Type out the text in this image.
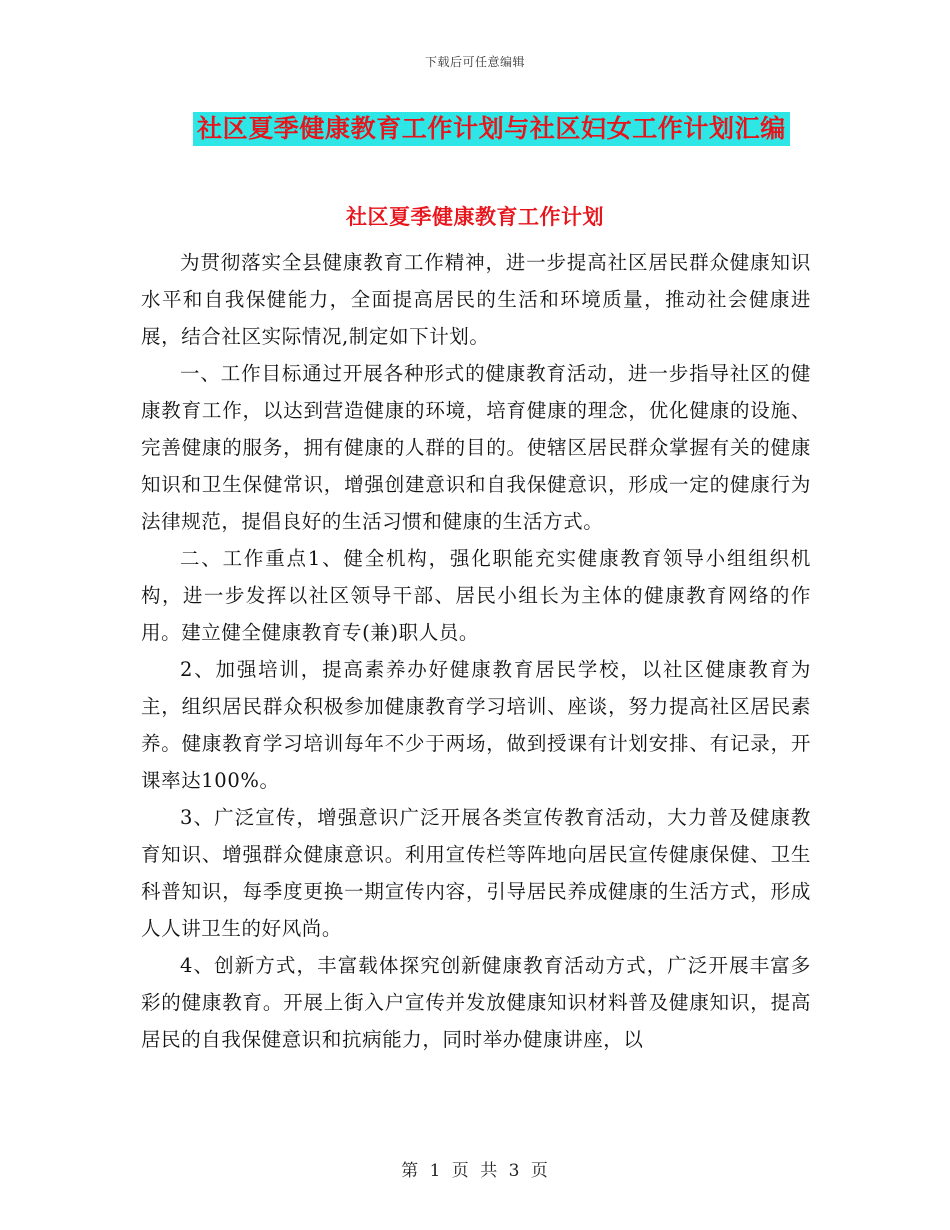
下载后可任意编辑
社区夏季健康教育工作计划与社区妇女工作计划汇编
社区夏季健康教育工作计划

为贯彻落实全县健康教育工作精神，进一步提高社区居民群众健康知识水平和自我保健能力，全面提高居民的生活和环境质量，推动社会健康进展，结合社区实际情况,制定如下计划。

一、工作目标通过开展各种形式的健康教育活动，进一步指导社区的健康教育工作，以达到营造健康的环境，培育健康的理念，优化健康的设施、完善健康的服务，拥有健康的人群的目的。使辖区居民群众掌握有关的健康知识和卫生保健常识，增强创建意识和自我保健意识，形成一定的健康行为法律规范，提倡良好的生活习惯和健康的生活方式。

二、工作重点1、健全机构，强化职能充实健康教育领导小组组织机构，进一步发挥以社区领导干部、居民小组长为主体的健康教育网络的作用。建立健全健康教育专(兼)职人员。

2、加强培训，提高素养办好健康教育居民学校，以社区健康教育为主，组织居民群众积极参加健康教育学习培训、座谈，努力提高社区居民素养。健康教育学习培训每年不少于两场，做到授课有计划安排、有记录，开课率达100%。

3、广泛宣传，增强意识广泛开展各类宣传教育活动，大力普及健康教育知识、增强群众健康意识。利用宣传栏等阵地向居民宣传健康保健、卫生科普知识，每季度更换一期宣传内容，引导居民养成健康的生活方式，形成人人讲卫生的好风尚。

4、创新方式，丰富载体探究创新健康教育活动方式，广泛开展丰富多彩的健康教育。开展上街入户宣传并发放健康知识材料普及健康知识，提高居民的自我保健意识和抗病能力，同时举办健康讲座，以

第 1 页 共 3 页
